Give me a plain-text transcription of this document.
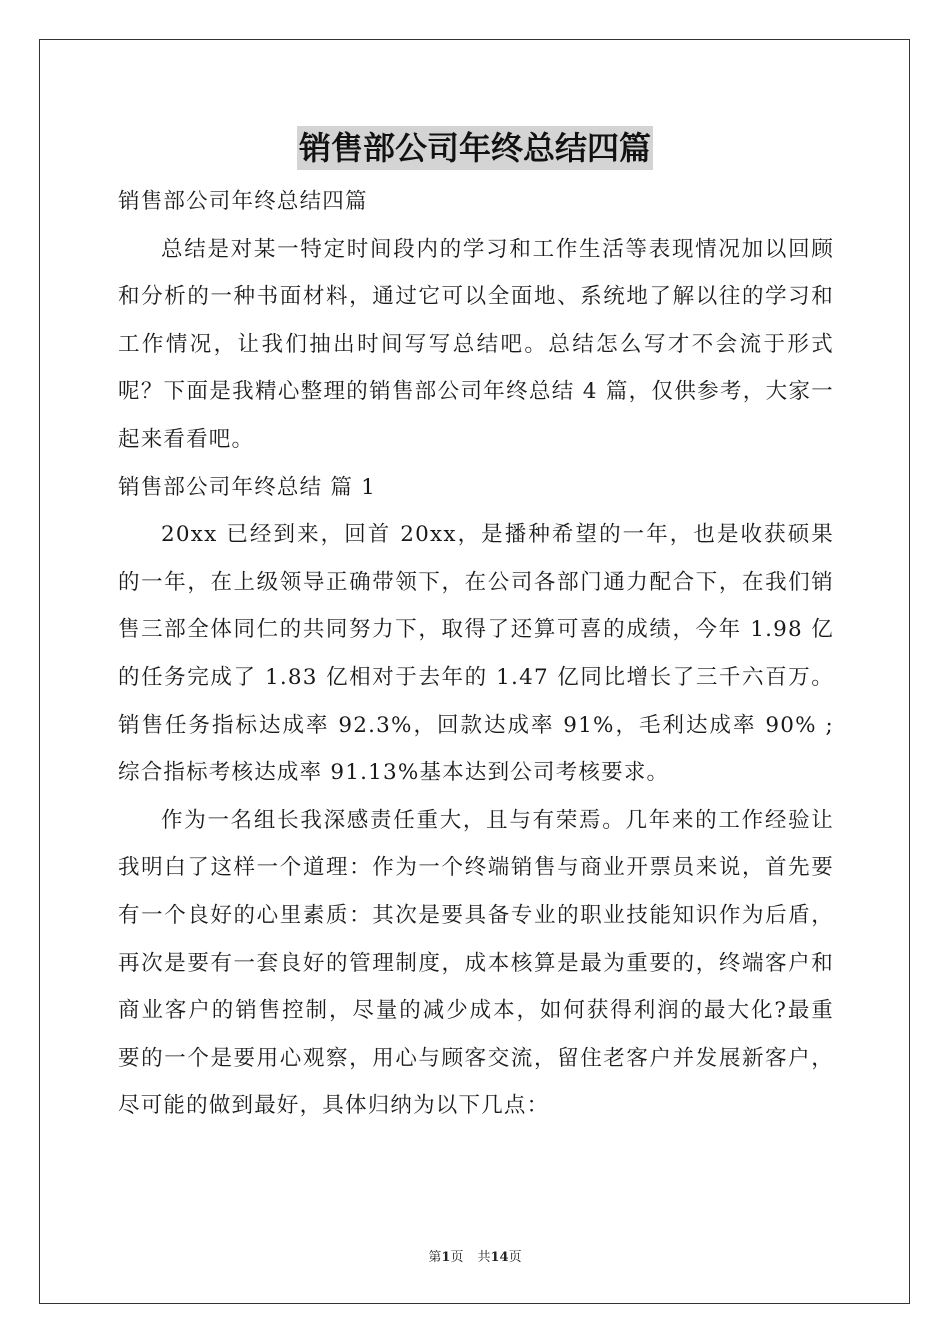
销售部公司年终总结四篇

销售部公司年终总结四篇

总结是对某一特定时间段内的学习和工作生活等表现情况加以回顾和分析的一种书面材料，通过它可以全面地、系统地了解以往的学习和工作情况，让我们抽出时间写写总结吧。总结怎么写才不会流于形式呢？下面是我精心整理的销售部公司年终总结 4 篇，仅供参考，大家一起来看看吧。

销售部公司年终总结 篇 1

20xx 已经到来，回首 20xx，是播种希望的一年，也是收获硕果的一年，在上级领导正确带领下，在公司各部门通力配合下，在我们销售三部全体同仁的共同努力下，取得了还算可喜的成绩，今年 1.98 亿的任务完成了 1.83 亿相对于去年的 1.47 亿同比增长了三千六百万。销售任务指标达成率 92.3%，回款达成率 91%，毛利达成率 90% ;综合指标考核达成率 91.13%基本达到公司考核要求。

作为一名组长我深感责任重大，且与有荣焉。几年来的工作经验让我明白了这样一个道理：作为一个终端销售与商业开票员来说，首先要有一个良好的心里素质：其次是要具备专业的职业技能知识作为后盾，再次是要有一套良好的管理制度，成本核算是最为重要的，终端客户和商业客户的销售控制，尽量的减少成本，如何获得利润的最大化?最重要的一个是要用心观察，用心与顾客交流，留住老客户并发展新客户，尽可能的做到最好，具体归纳为以下几点：

第1页 共14页
